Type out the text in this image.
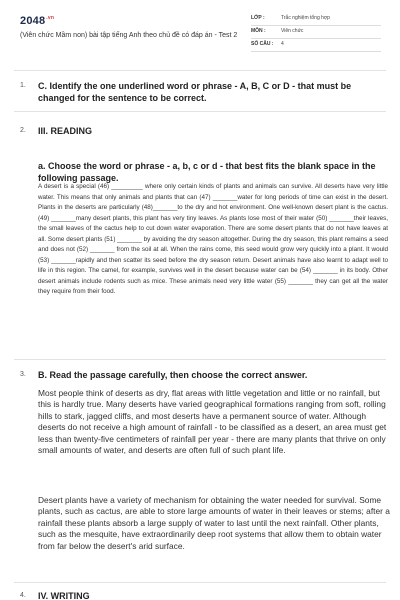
$2048^{.vn}$
(Viên chức Mầm non) bài tập tiếng Anh theo chủ đề có đáp án - Test 2
LỚP :	Trắc nghiệm tổng hợp
MÔN :	Viên chức
SỐ CÂU : 4
1. C. Identify the one underlined word or phrase - A, B, C or D - that must be changed for the sentence to be correct.
2. III. READING
a. Choose the word or phrase - a, b, c or d - that best fits the blank space in the following passage.
A desert is a special (46) _________ where only certain kinds of plants and animals can survive. All deserts have very little water. This means that only animals and plants that can (47) _______water for long periods of time can exist in the desert. Plants in the deserts are particularly (48)_______to the dry and hot environment. One well-known desert plant is the cactus. (49) _______many desert plants, this plant has very tiny leaves. As plants lose most of their water (50) _______their leaves, the small leaves of the cactus help to cut down water evaporation. There are some desert plants that do not have leaves at all. Some desert plants (51) _______ by avoiding the dry season altogether. During the dry season, this plant remains a seed and does not (52) _______ from the soil at all. When the rains come, this seed would grow very quickly into a plant. It would (53) _______rapidly and then scatter its seed before the dry season return. Desert animals have also learnt to adapt well to life in this region. The camel, for example, survives well in the desert because water can be (54) _______ in its body. Other desert animals include rodents such as mice. These animals need very little water (55) _______ they can get all the water they require from their food.
3. B. Read the passage carefully, then choose the correct answer.
Most people think of deserts as dry, flat areas with little vegetation and little or no rainfall, but this is hardly true. Many deserts have varied geographical formations ranging from soft, rolling hills to stark, jagged cliffs, and most deserts have a permanent source of water. Although deserts do not receive a high amount of rainfall - to be classified as a desert, an area must get less than twenty-five centimeters of rainfall per year - there are many plants that thrive on only small amounts of water, and deserts are often full of such plant life.
Desert plants have a variety of mechanism for obtaining the water needed for survival. Some plants, such as cactus, are able to store large amounts of water in their leaves or stems; after a rainfall these plants absorb a large supply of water to last until the next rainfall. Other plants, such as the mesquite, have extraordinarily deep root systems that allow them to obtain water from far below the desert's arid surface.
4. IV. WRITING
